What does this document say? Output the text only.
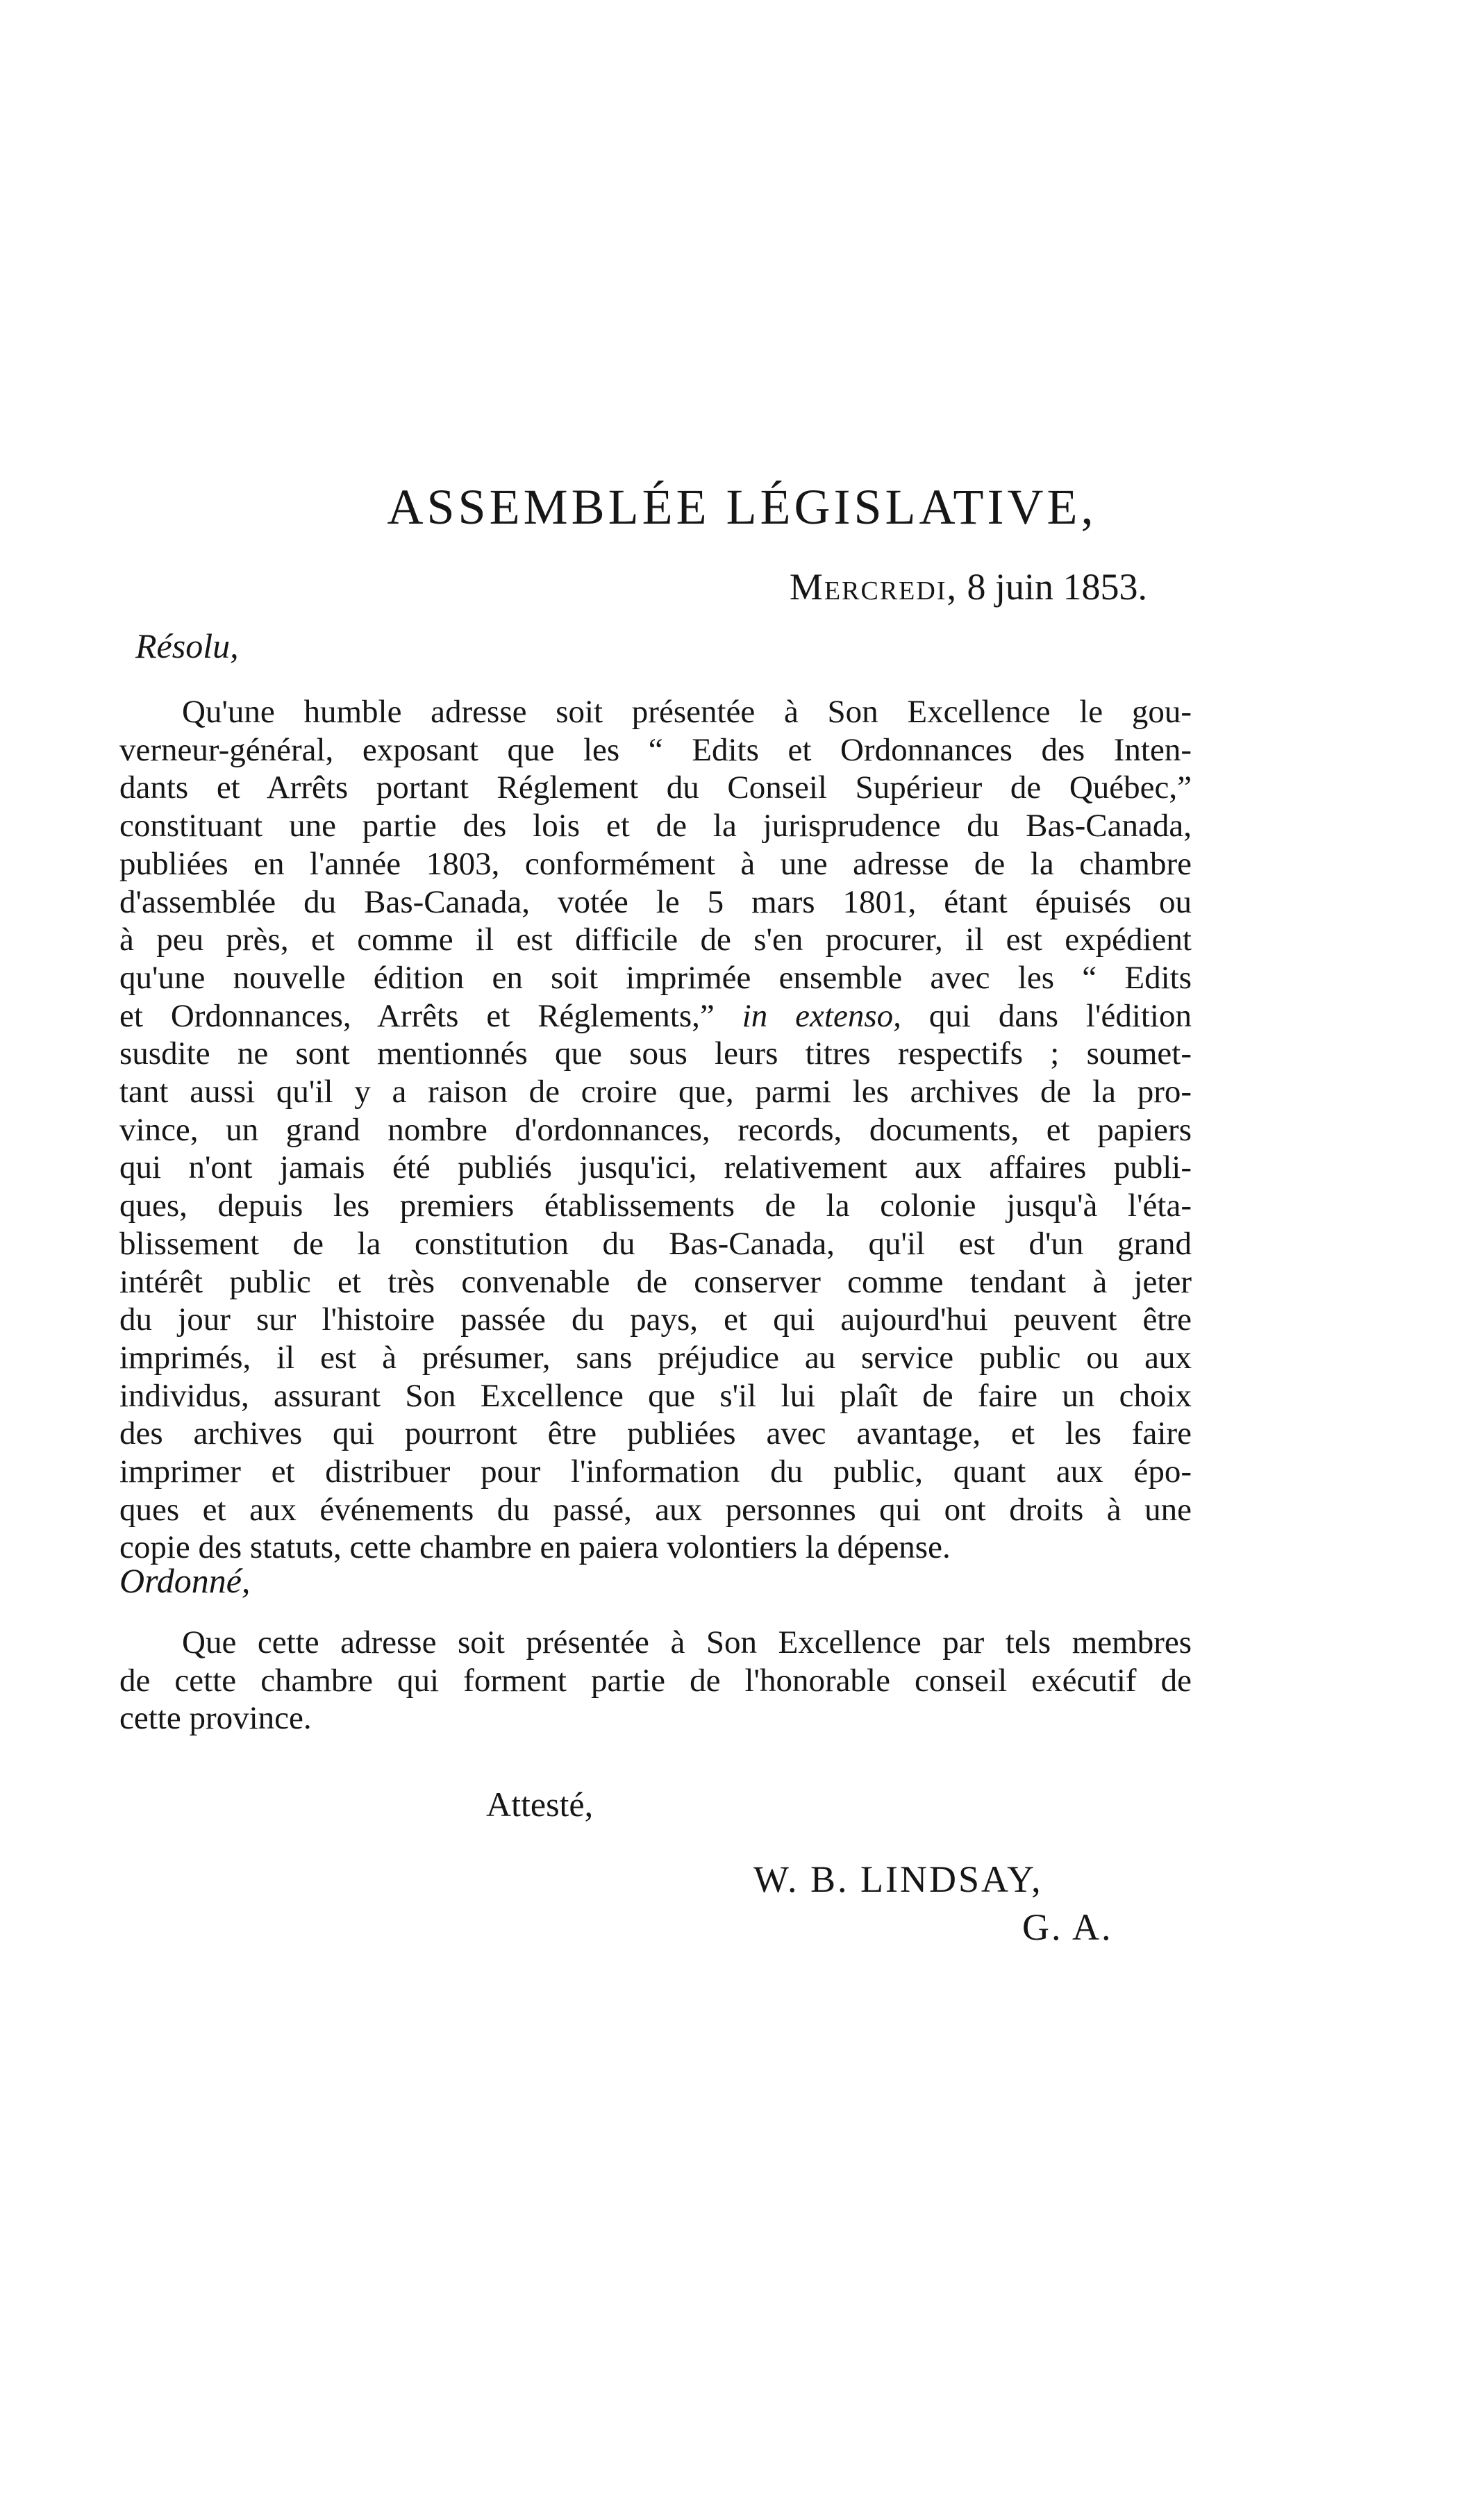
ASSEMBLÉE LÉGISLATIVE,
Mercredi, 8 juin 1853.
Résolu,
Qu'une humble adresse soit présentée à Son Excellence le gou-
verneur-général, exposant que les “ Edits et Ordonnances des Inten-
dants et Arrêts portant Réglement du Conseil Supérieur de Québec,”
constituant une partie des lois et de la jurisprudence du Bas-Canada,
publiées en l'année 1803, conformément à une adresse de la chambre
d'assemblée du Bas-Canada, votée le 5 mars 1801, étant épuisés ou
à peu près, et comme il est difficile de s'en procurer, il est expédient
qu'une nouvelle édition en soit imprimée ensemble avec les “ Edits
et Ordonnances, Arrêts et Réglements,” in extenso, qui dans l'édition
susdite ne sont mentionnés que sous leurs titres respectifs ; soumet-
tant aussi qu'il y a raison de croire que, parmi les archives de la pro-
vince, un grand nombre d'ordonnances, records, documents, et papiers
qui n'ont jamais été publiés jusqu'ici, relativement aux affaires publi-
ques, depuis les premiers établissements de la colonie jusqu'à l'éta-
blissement de la constitution du Bas-Canada, qu'il est d'un grand
intérêt public et très convenable de conserver comme tendant à jeter
du jour sur l'histoire passée du pays, et qui aujourd'hui peuvent être
imprimés, il est à présumer, sans préjudice au service public ou aux
individus, assurant Son Excellence que s'il lui plaît de faire un choix
des archives qui pourront être publiées avec avantage, et les faire
imprimer et distribuer pour l'information du public, quant aux épo-
ques et aux événements du passé, aux personnes qui ont droits à une
copie des statuts, cette chambre en paiera volontiers la dépense.
Ordonné,
Que cette adresse soit présentée à Son Excellence par tels membres
de cette chambre qui forment partie de l'honorable conseil exécutif de
cette province.
Attesté,
W. B. LINDSAY,
G. A.
